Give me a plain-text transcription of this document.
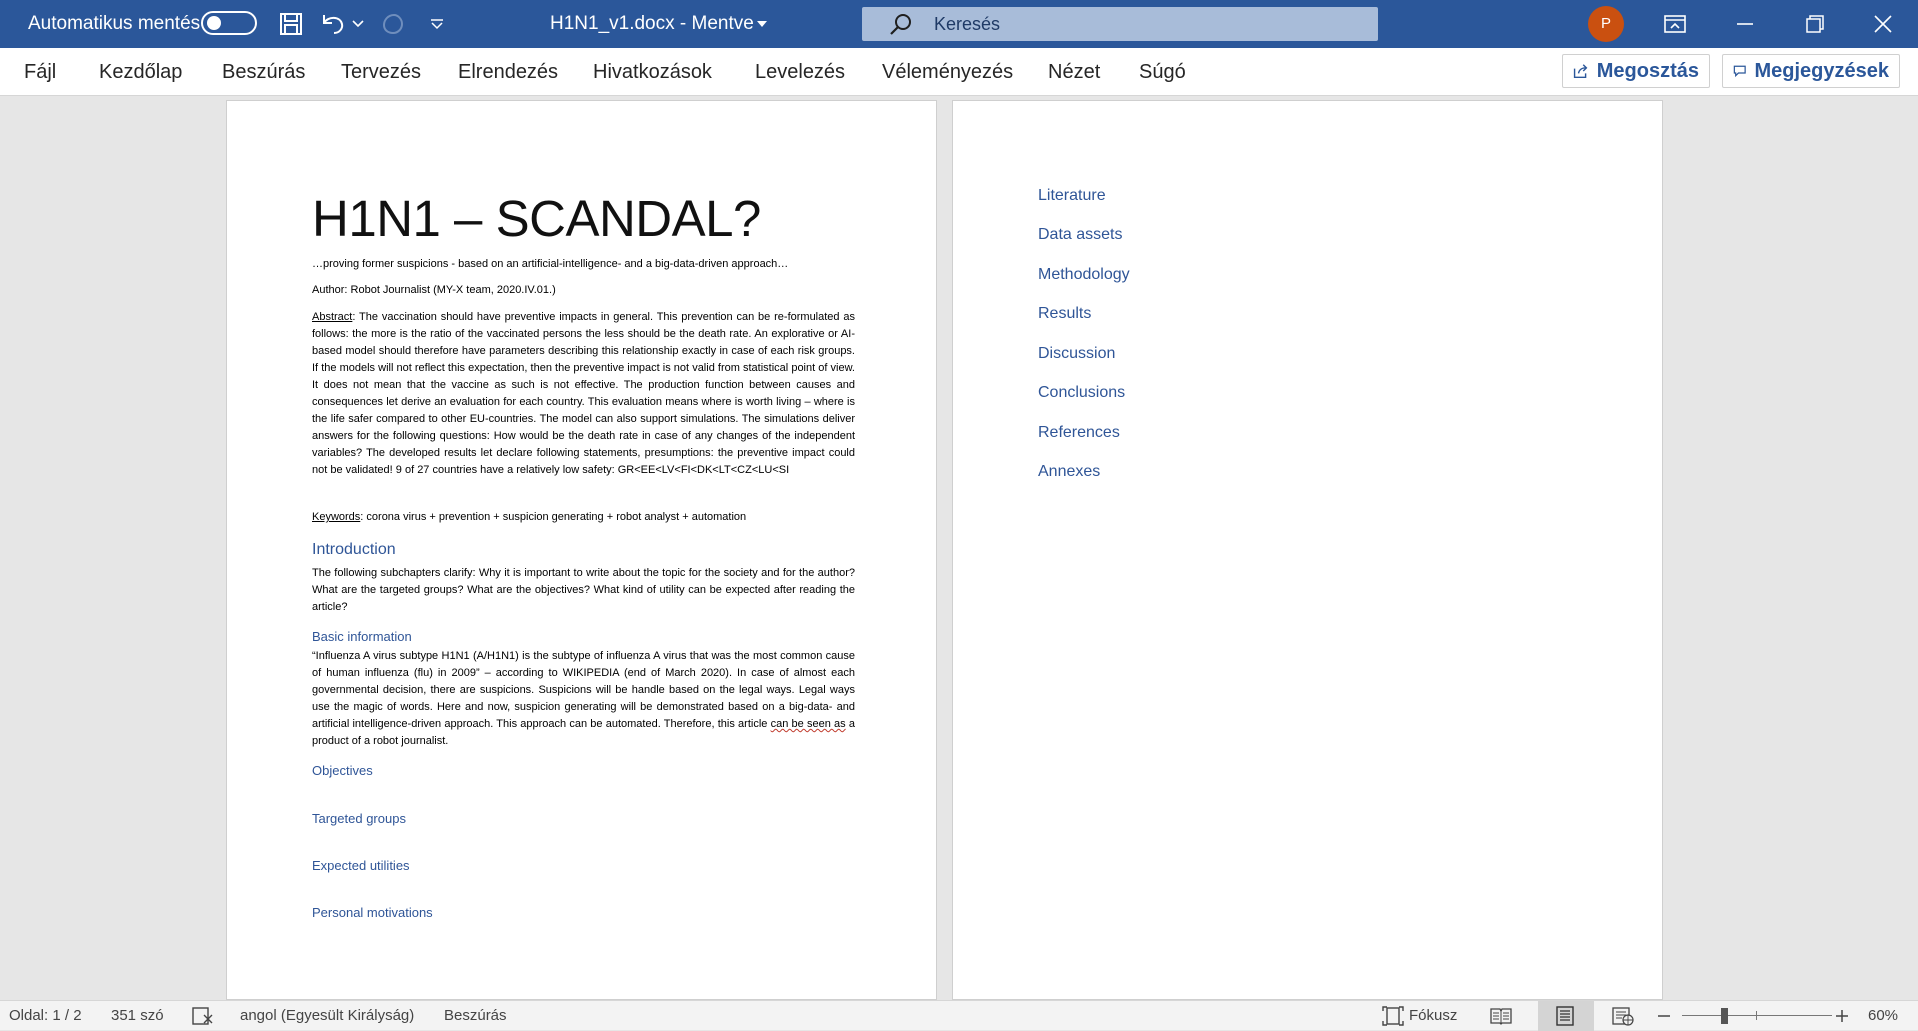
Automatikus mentés	H1N1_v1.docx - Mentve
Keresés	P
Fájl Kezdőlap Beszúrás Tervezés Elrendezés Hivatkozások Levelezés Véleményezés Nézet Súgó	Megosztás	Megjegyzések
H1N1 – SCANDAL?
…proving former suspicions - based on an artificial-intelligence- and a big-data-driven approach…
Author: Robot Journalist (MY-X team, 2020.IV.01.)
Abstract: The vaccination should have preventive impacts in general. This prevention can be re-formulated as follows: the more is the ratio of the vaccinated persons the less should be the death rate. An explorative or AI-based model should therefore have parameters describing this relationship exactly in case of each risk groups. If the models will not reflect this expectation, then the preventive impact is not valid from statistical point of view. It does not mean that the vaccine as such is not effective. The production function between causes and consequences let derive an evaluation for each country. This evaluation means where is worth living – where is the life safer compared to other EU-countries. The model can also support simulations. The simulations deliver answers for the following questions: How would be the death rate in case of any changes of the independent variables? The developed results let declare following statements, presumptions: the preventive impact could not be validated! 9 of 27 countries have a relatively low safety: GR<EE<LV<FI<DK<LT<CZ<LU<SI
Keywords: corona virus + prevention + suspicion generating + robot analyst + automation
Introduction
The following subchapters clarify: Why it is important to write about the topic for the society and for the author? What are the targeted groups? What are the objectives? What kind of utility can be expected after reading the article?
Basic information
“Influenza A virus subtype H1N1 (A/H1N1) is the subtype of influenza A virus that was the most common cause of human influenza (flu) in 2009” – according to WIKIPEDIA (end of March 2020). In case of almost each governmental decision, there are suspicions. Suspicions will be handle based on the legal ways. Legal ways use the magic of words. Here and now, suspicion generating will be demonstrated based on a big-data- and artificial intelligence-driven approach. This approach can be automated. Therefore, this article can be seen as a product of a robot journalist.
Objectives
Targeted groups
Expected utilities
Personal motivations
Literature
Data assets
Methodology
Results
Discussion
Conclusions
References
Annexes
Oldal: 1 / 2 351 szó	angol (Egyesült Királyság) Beszúrás	Fókusz	60%
